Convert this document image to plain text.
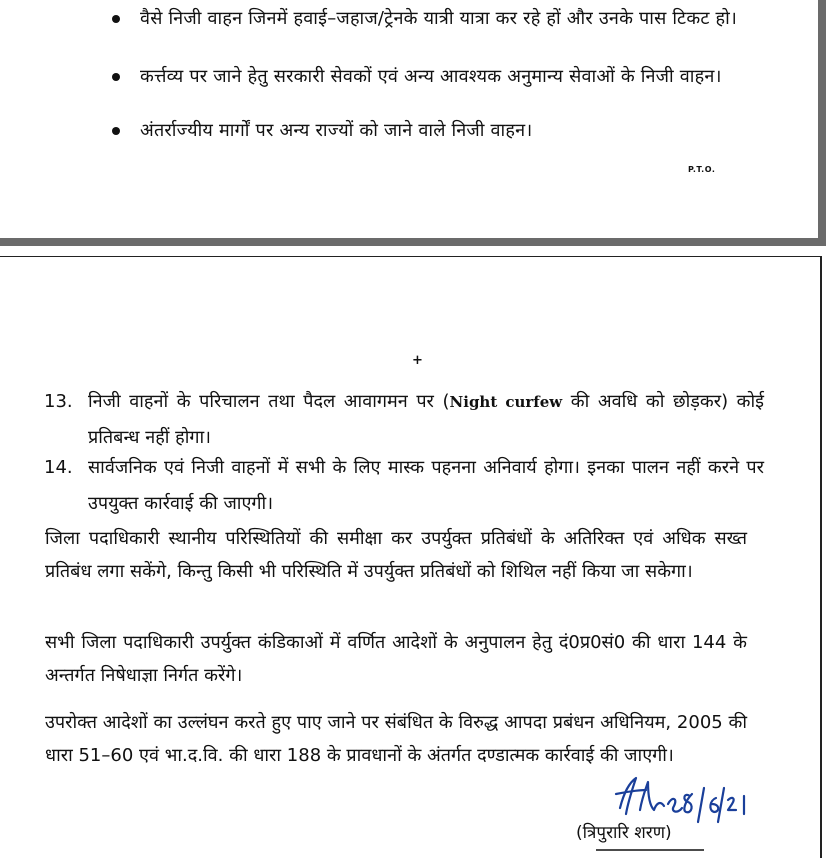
वैसे निजी वाहन जिनमें हवाई–जहाज/ट्रेनके यात्री यात्रा कर रहे हों और उनके पास टिकट हो।
कर्त्तव्य पर जाने हेतु सरकारी सेवकों एवं अन्य आवश्यक अनुमान्य सेवाओं के निजी वाहन।
अंतर्राज्यीय मार्गों पर अन्य राज्यों को जाने वाले निजी वाहन।
P.T.O.
+
13. निजी वाहनों के परिचालन तथा पैदल आवागमन पर (Night curfew की अवधि को छोड़कर) कोई प्रतिबन्ध नहीं होगा।
14. सार्वजनिक एवं निजी वाहनों में सभी के लिए मास्क पहनना अनिवार्य होगा। इनका पालन नहीं करने पर उपयुक्त कार्रवाई की जाएगी।
जिला पदाधिकारी स्थानीय परिस्थितियों की समीक्षा कर उपर्युक्त प्रतिबंधों के अतिरिक्त एवं अधिक सख्त प्रतिबंध लगा सकेंगे, किन्तु किसी भी परिस्थिति में उपर्युक्त प्रतिबंधों को शिथिल नहीं किया जा सकेगा।
सभी जिला पदाधिकारी उपर्युक्त कंडिकाओं में वर्णित आदेशों के अनुपालन हेतु दं0प्र0सं0 की धारा 144 के अन्तर्गत निषेधाज्ञा निर्गत करेंगे।
उपरोक्त आदेशों का उल्लंघन करते हुए पाए जाने पर संबंधित के विरुद्ध आपदा प्रबंधन अधिनियम, 2005 की धारा 51–60 एवं भा.द.वि. की धारा 188 के प्रावधानों के अंतर्गत दण्डात्मक कार्रवाई की जाएगी।
(त्रिपुरारि शरण)
